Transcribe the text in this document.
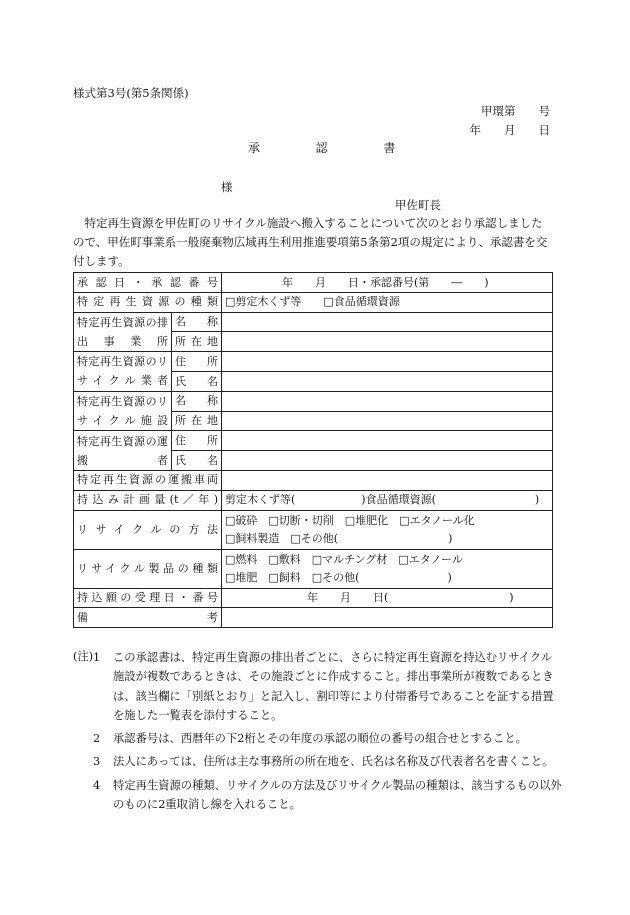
様式第3号(第5条関係)
甲環第　　号
年　　月　　日
承	認	書
様
甲佐町長
　特定再生資源を甲佐町のリサイクル施設へ搬入することについて次のとおり承認しましたので、甲佐町事業系一般廃棄物広域再生利用推進要項第5条第2項の規定により、承認書を交付します。
承認日・承認番号		年　　月　　日・承認番号(第　　―　　)
特定再生資源の種類		□剪定木くず等　　□食品循環資源
特定再生資源の排出事業所	名　称	
	所在地	
特定再生資源のリサイクル業者	住　所	
	氏　名	
特定再生資源のリサイクル施設	名　称	
	所在地	
特定再生資源の運搬者	住　所	
	氏　名	
特定再生資源の運搬車両		
持込み計画量(t／年)		剪定木くず等(　　　　　　)食品循環資源(　　　　　　　　　)
リサイクルの方法		□破砕　□切断・切削　□堆肥化　□エタノール化
□飼料製造　□その他(　　　　　　　　　　)

リサイクル製品の種類		□燃料　□敷料　□マルチング材　□エタノール
□堆肥　□飼料　□その他(　　　　　　　　)

持込願の受理日・番号		年　　月　　日(　　　　　　　　　　　)
備考		
(注) 1 この承認書は、特定再生資源の排出者ごとに、さらに特定再生資源を持込むリサイクル施設が複数であるときは、その施設ごとに作成すること。排出事業所が複数であるときは、該当欄に「別紙とおり」と記入し、割印等により付帯番号であることを証する措置を施した一覧表を添付すること。
2 承認番号は、西暦年の下2桁とその年度の承認の順位の番号の組合せとすること。
3 法人にあっては、住所は主な事務所の所在地を、氏名は名称及び代表者名を書くこと。
4 特定再生資源の種類、リサイクルの方法及びリサイクル製品の種類は、該当するもの以外のものに2重取消し線を入れること。
